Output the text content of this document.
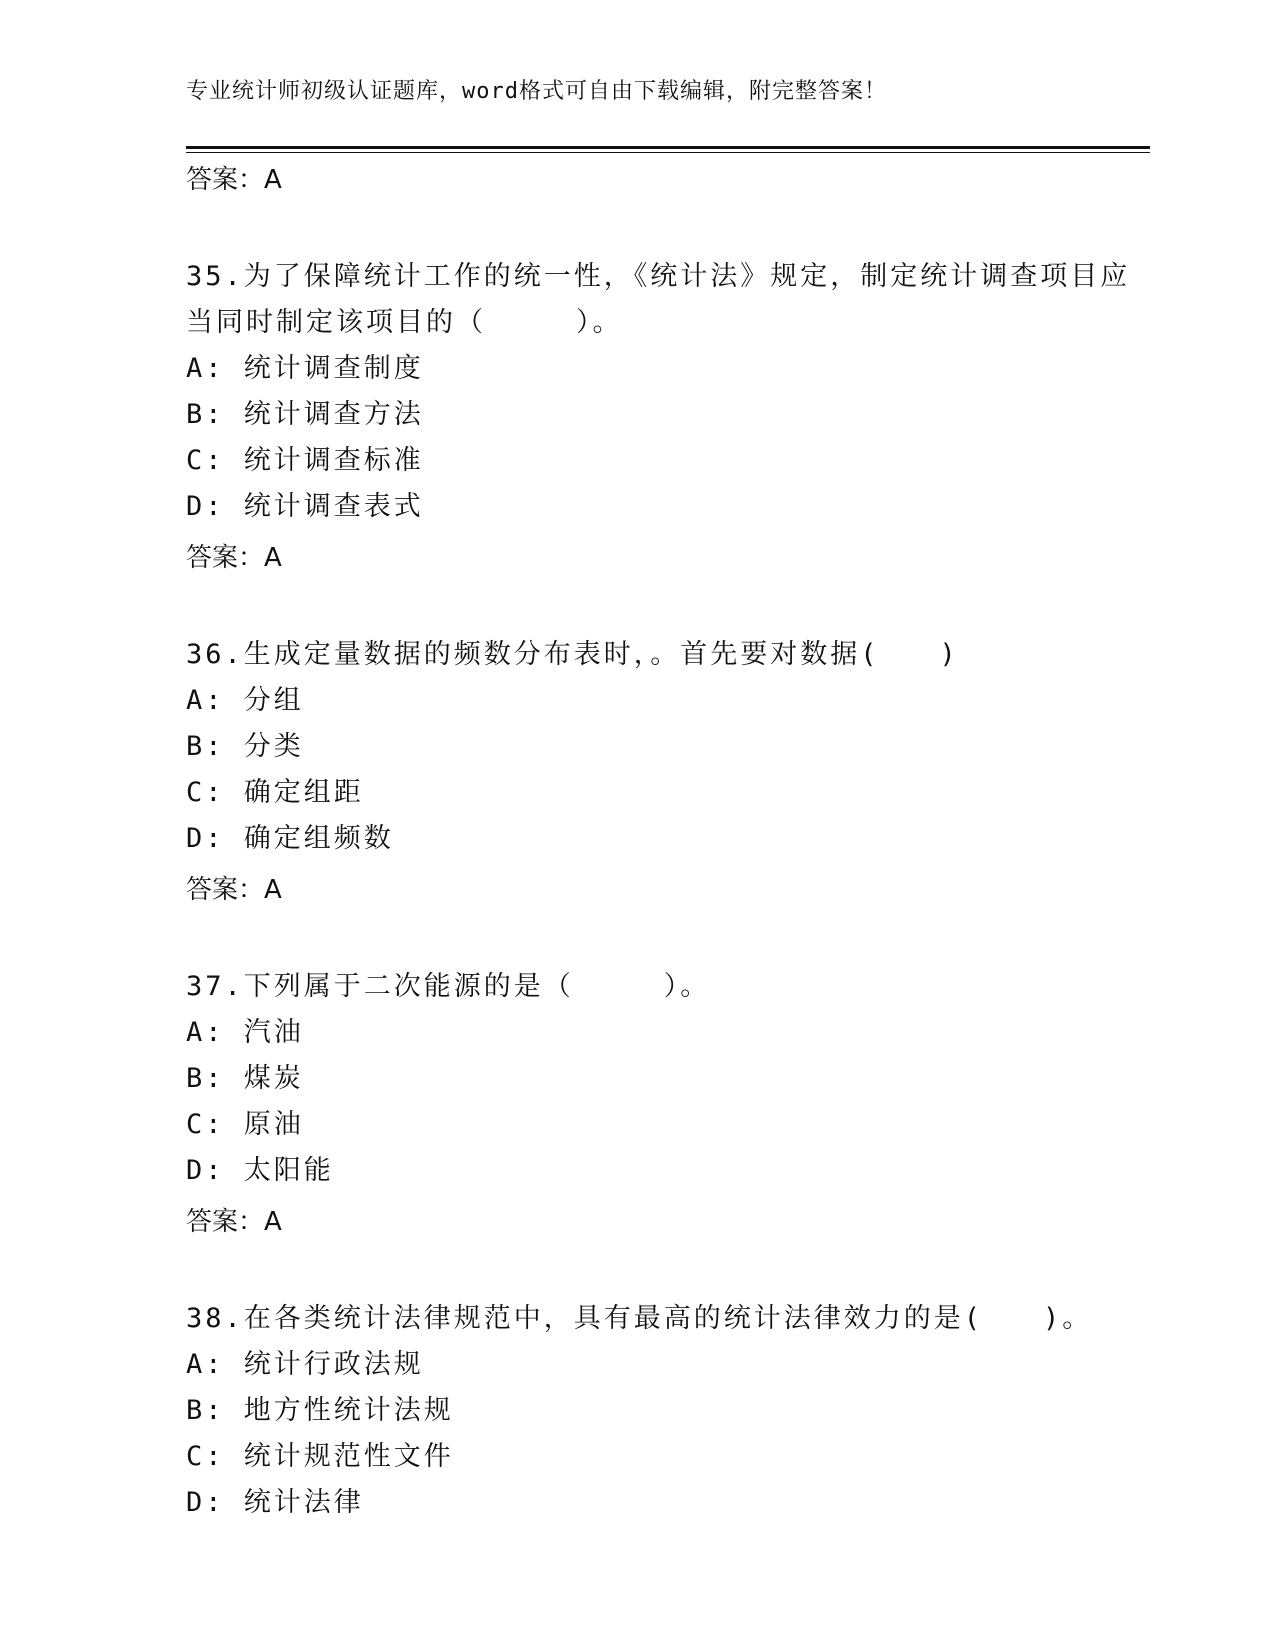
专业统计师初级认证题库，word格式可自由下载编辑，附完整答案！
答案：A
35.为了保障统计工作的统一性，《统计法》规定，制定统计调查项目应当同时制定该项目的（　　　）。
A: 统计调查制度
B: 统计调查方法
C: 统计调查标准
D: 统计调查表式
答案：A
36.生成定量数据的频数分布表时，。首先要对数据(　　)
A: 分组
B: 分类
C: 确定组距
D: 确定组频数
答案：A
37.下列属于二次能源的是（　　　）。
A: 汽油
B: 煤炭
C: 原油
D: 太阳能
答案：A
38.在各类统计法律规范中，具有最高的统计法律效力的是(　　)。
A: 统计行政法规
B: 地方性统计法规
C: 统计规范性文件
D: 统计法律
